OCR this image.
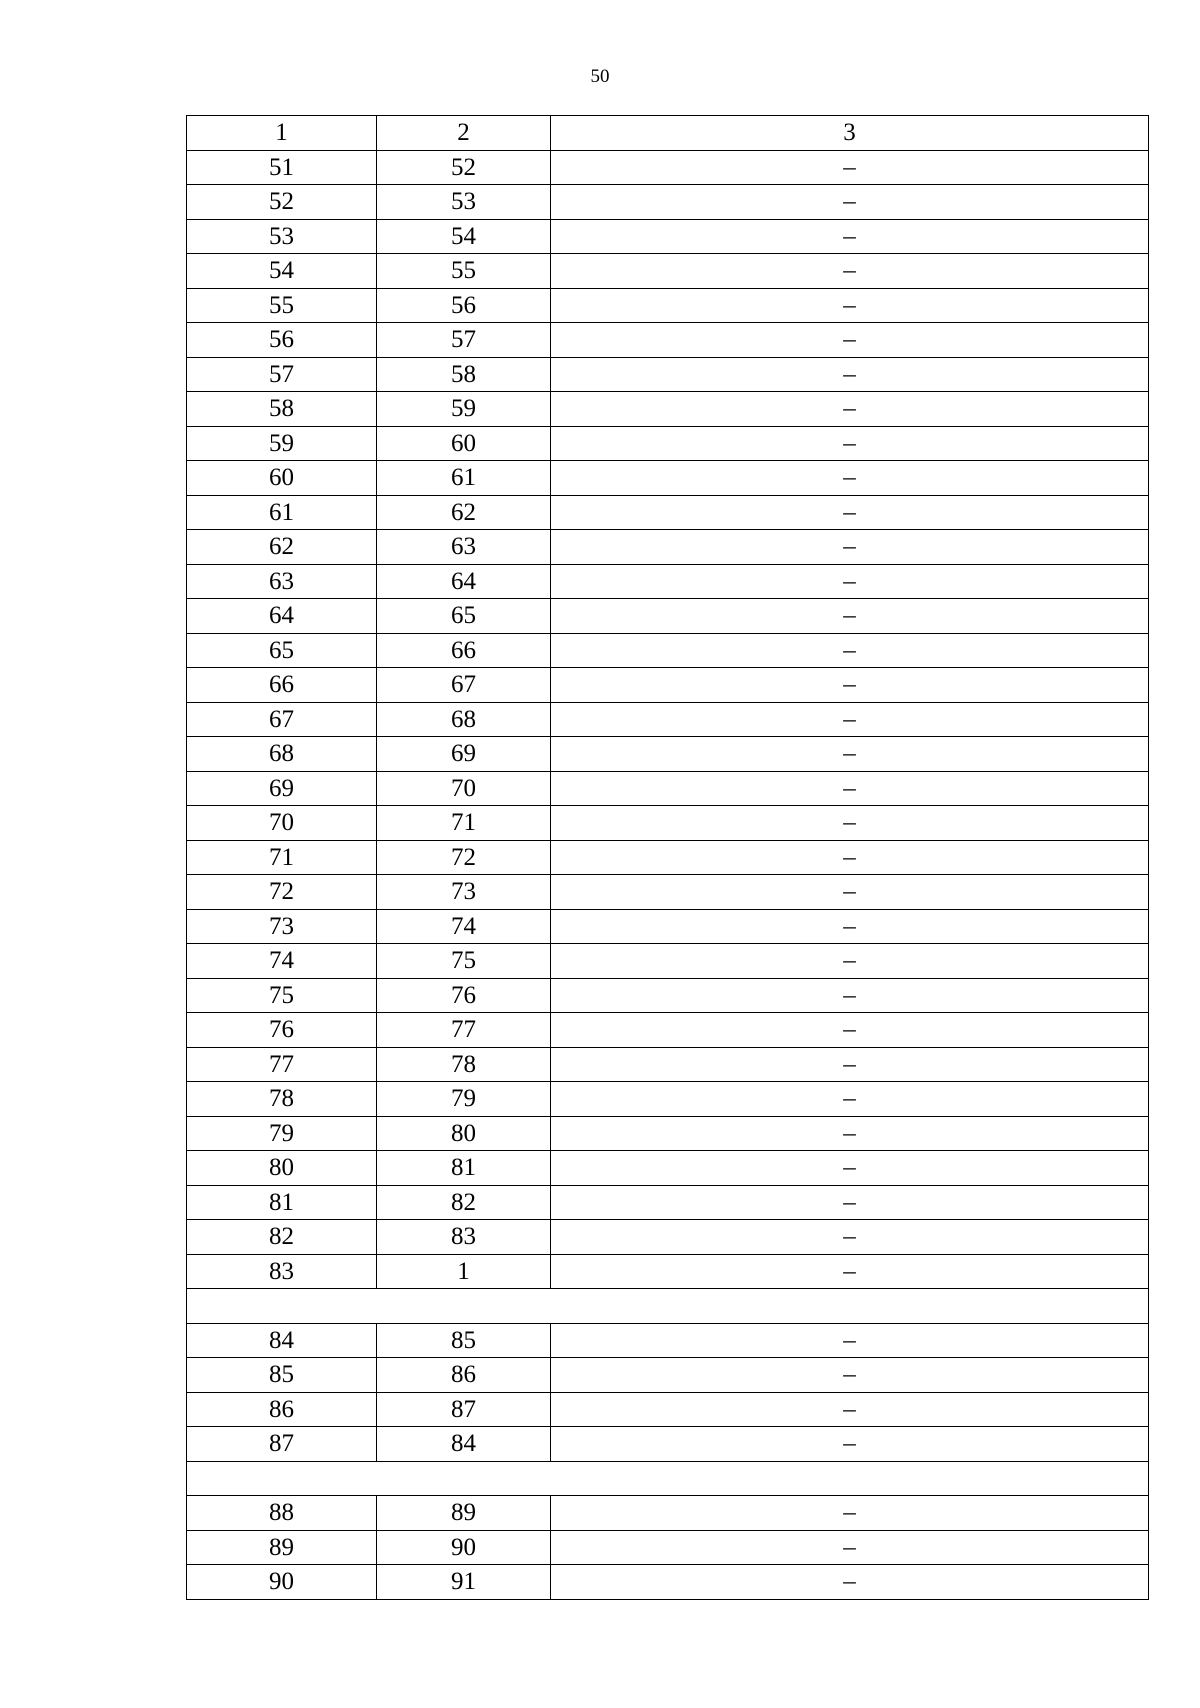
50
1	2	3
51	52	–
52	53	–
53	54	–
54	55	–
55	56	–
56	57	–
57	58	–
58	59	–
59	60	–
60	61	–
61	62	–
62	63	–
63	64	–
64	65	–
65	66	–
66	67	–
67	68	–
68	69	–
69	70	–
70	71	–
71	72	–
72	73	–
73	74	–
74	75	–
75	76	–
76	77	–
77	78	–
78	79	–
79	80	–
80	81	–
81	82	–
82	83	–
83	1	–

84	85	–
85	86	–
86	87	–
87	84	–

88	89	–
89	90	–
90	91	–
